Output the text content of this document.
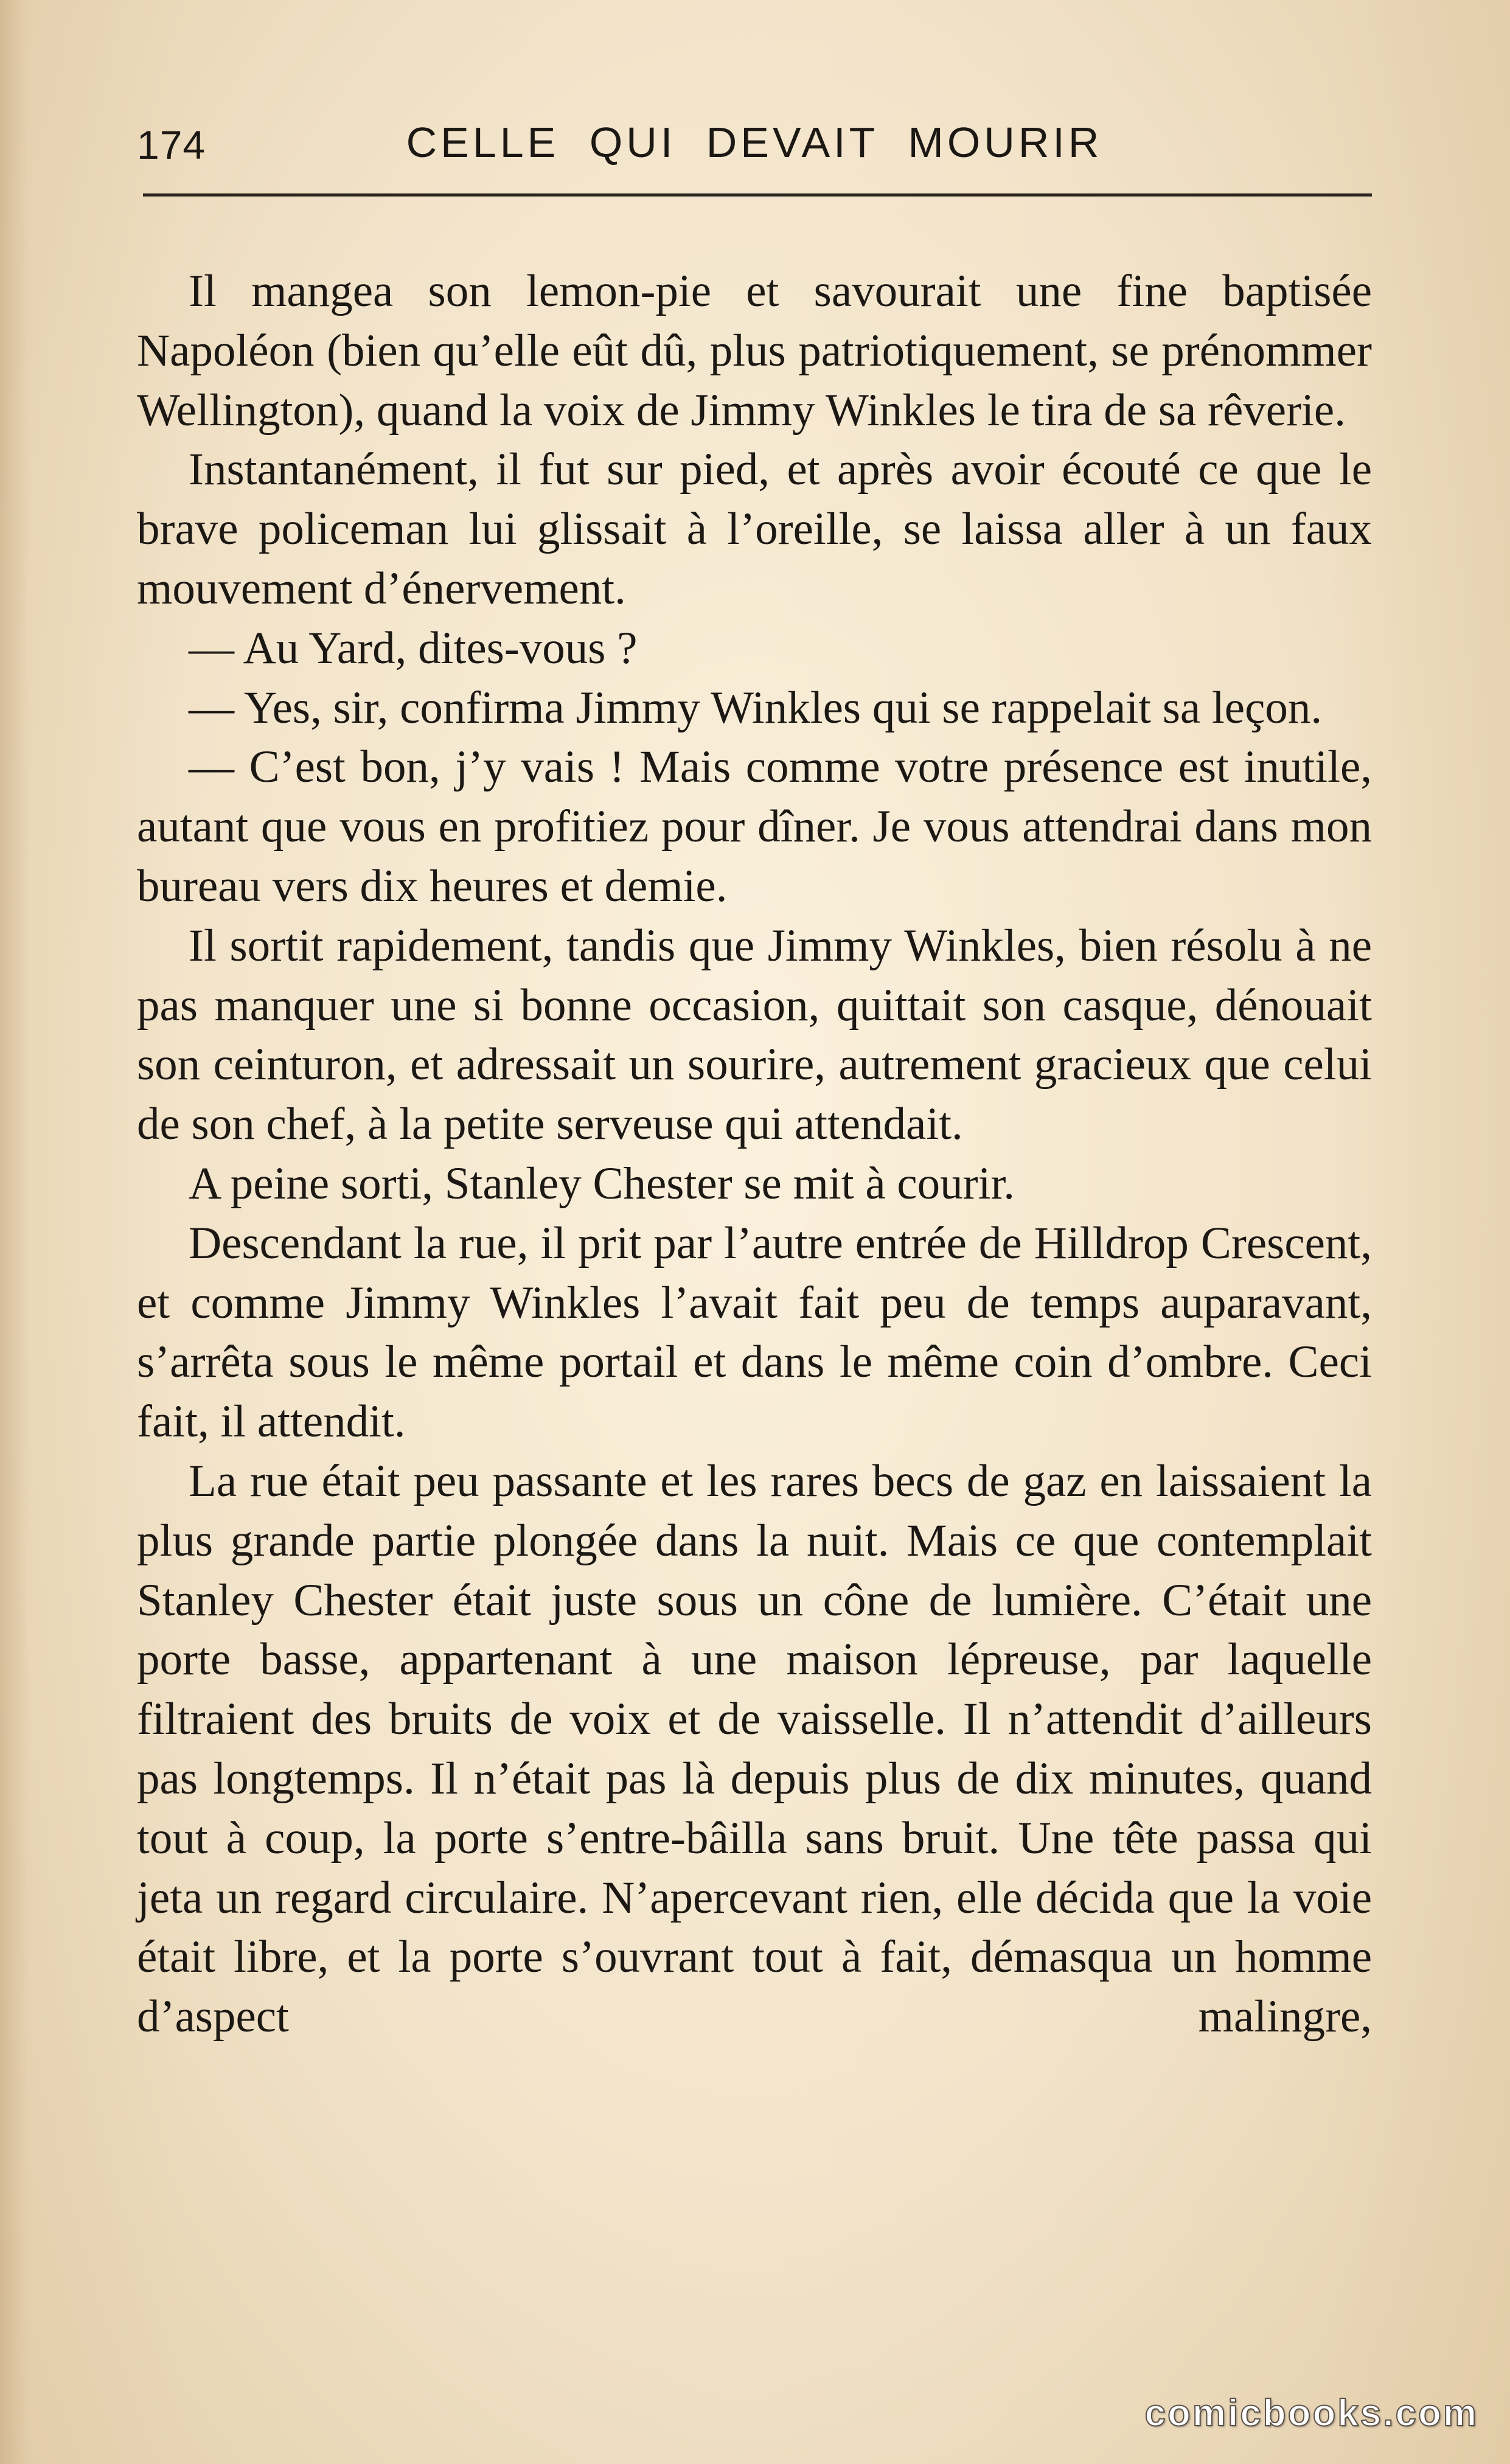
174	CELLE QUI DEVAIT MOURIR

Il mangea son lemon-pie et savourait une fine baptisée Napoléon (bien qu’elle eût dû, plus patriotiquement, se prénommer Wellington), quand la voix de Jimmy Winkles le tira de sa rêverie.

Instantanément, il fut sur pied, et après avoir écouté ce que le brave policeman lui glissait à l’oreille, se laissa aller à un faux mouvement d’énervement.

— Au Yard, dites-vous ?

— Yes, sir, confirma Jimmy Winkles qui se rappelait sa leçon.

— C’est bon, j’y vais ! Mais comme votre présence est inutile, autant que vous en profitiez pour dîner. Je vous attendrai dans mon bureau vers dix heures et demie.

Il sortit rapidement, tandis que Jimmy Winkles, bien résolu à ne pas manquer une si bonne occasion, quittait son casque, dénouait son ceinturon, et adressait un sourire, autrement gracieux que celui de son chef, à la petite serveuse qui attendait.

A peine sorti, Stanley Chester se mit à courir.

Descendant la rue, il prit par l’autre entrée de Hilldrop Crescent, et comme Jimmy Winkles l’avait fait peu de temps auparavant, s’arrêta sous le même portail et dans le même coin d’ombre. Ceci fait, il attendit.

La rue était peu passante et les rares becs de gaz en laissaient la plus grande partie plongée dans la nuit. Mais ce que contemplait Stanley Chester était juste sous un cône de lumière. C’était une porte basse, appartenant à une maison lépreuse, par laquelle filtraient des bruits de voix et de vaisselle. Il n’attendit d’ailleurs pas longtemps. Il n’était pas là depuis plus de dix minutes, quand tout à coup, la porte s’entre-bâilla sans bruit. Une tête passa qui jeta un regard circulaire. N’apercevant rien, elle décida que la voie était libre, et la porte s’ouvrant tout à fait, démasqua un homme d’aspect malingre,

comicbooks.com
